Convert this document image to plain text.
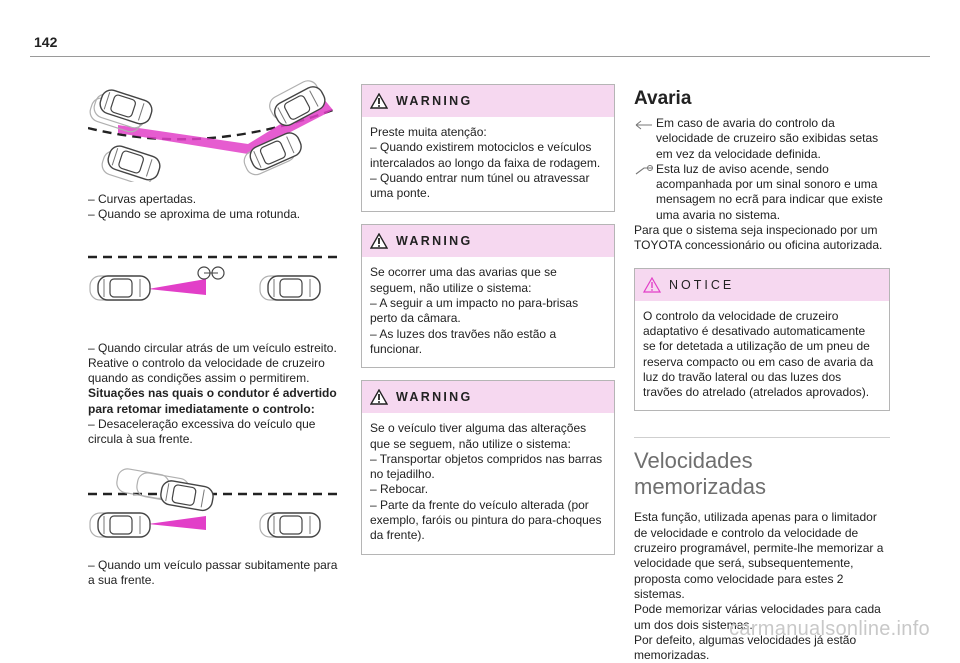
142

– Curvas apertadas.

– Quando se aproxima de uma rotunda.

– Quando circular atrás de um veículo estreito. Reative o controlo da velocidade de cruzeiro quando as condições assim o permitirem.

Situações nas quais o condutor é advertido para retomar imediatamente o controlo:

– Desaceleração excessiva do veículo que circula à sua frente.

– Quando um veículo passar subitamente para a sua frente.

WARNING

Preste muita atenção:

– Quando existirem motociclos e veículos intercalados ao longo da faixa de rodagem.

– Quando entrar num túnel ou atravessar uma ponte.

WARNING

Se ocorrer uma das avarias que se seguem, não utilize o sistema:

– A seguir a um impacto no para-brisas perto da câmara.

– As luzes dos travões não estão a funcionar.

WARNING

Se o veículo tiver alguma das alterações que se seguem, não utilize o sistema:

– Transportar objetos compridos nas barras no tejadilho.

– Rebocar.

– Parte da frente do veículo alterada (por exemplo, faróis ou pintura do para-choques da frente).

Avaria

Em caso de avaria do controlo da velocidade de cruzeiro são exibidas setas em vez da velocidade definida.

Esta luz de aviso acende, sendo acompanhada por um sinal sonoro e uma mensagem no ecrã para indicar que existe uma avaria no sistema.

Para que o sistema seja inspecionado por um TOYOTA concessionário ou oficina autorizada.

NOTICE

O controlo da velocidade de cruzeiro adaptativo é desativado automaticamente se for detetada a utilização de um pneu de reserva compacto ou em caso de avaria da luz do travão lateral ou das luzes dos travões do atrelado (atrelados aprovados).

Velocidades memorizadas

Esta função, utilizada apenas para o limitador de velocidade e controlo da velocidade de cruzeiro programável, permite-lhe memorizar a velocidade que será, subsequentemente, proposta como velocidade para estes 2 sistemas.

Pode memorizar várias velocidades para cada um dos dois sistemas.

Por defeito, algumas velocidades já estão memorizadas.

carmanualsonline.info
